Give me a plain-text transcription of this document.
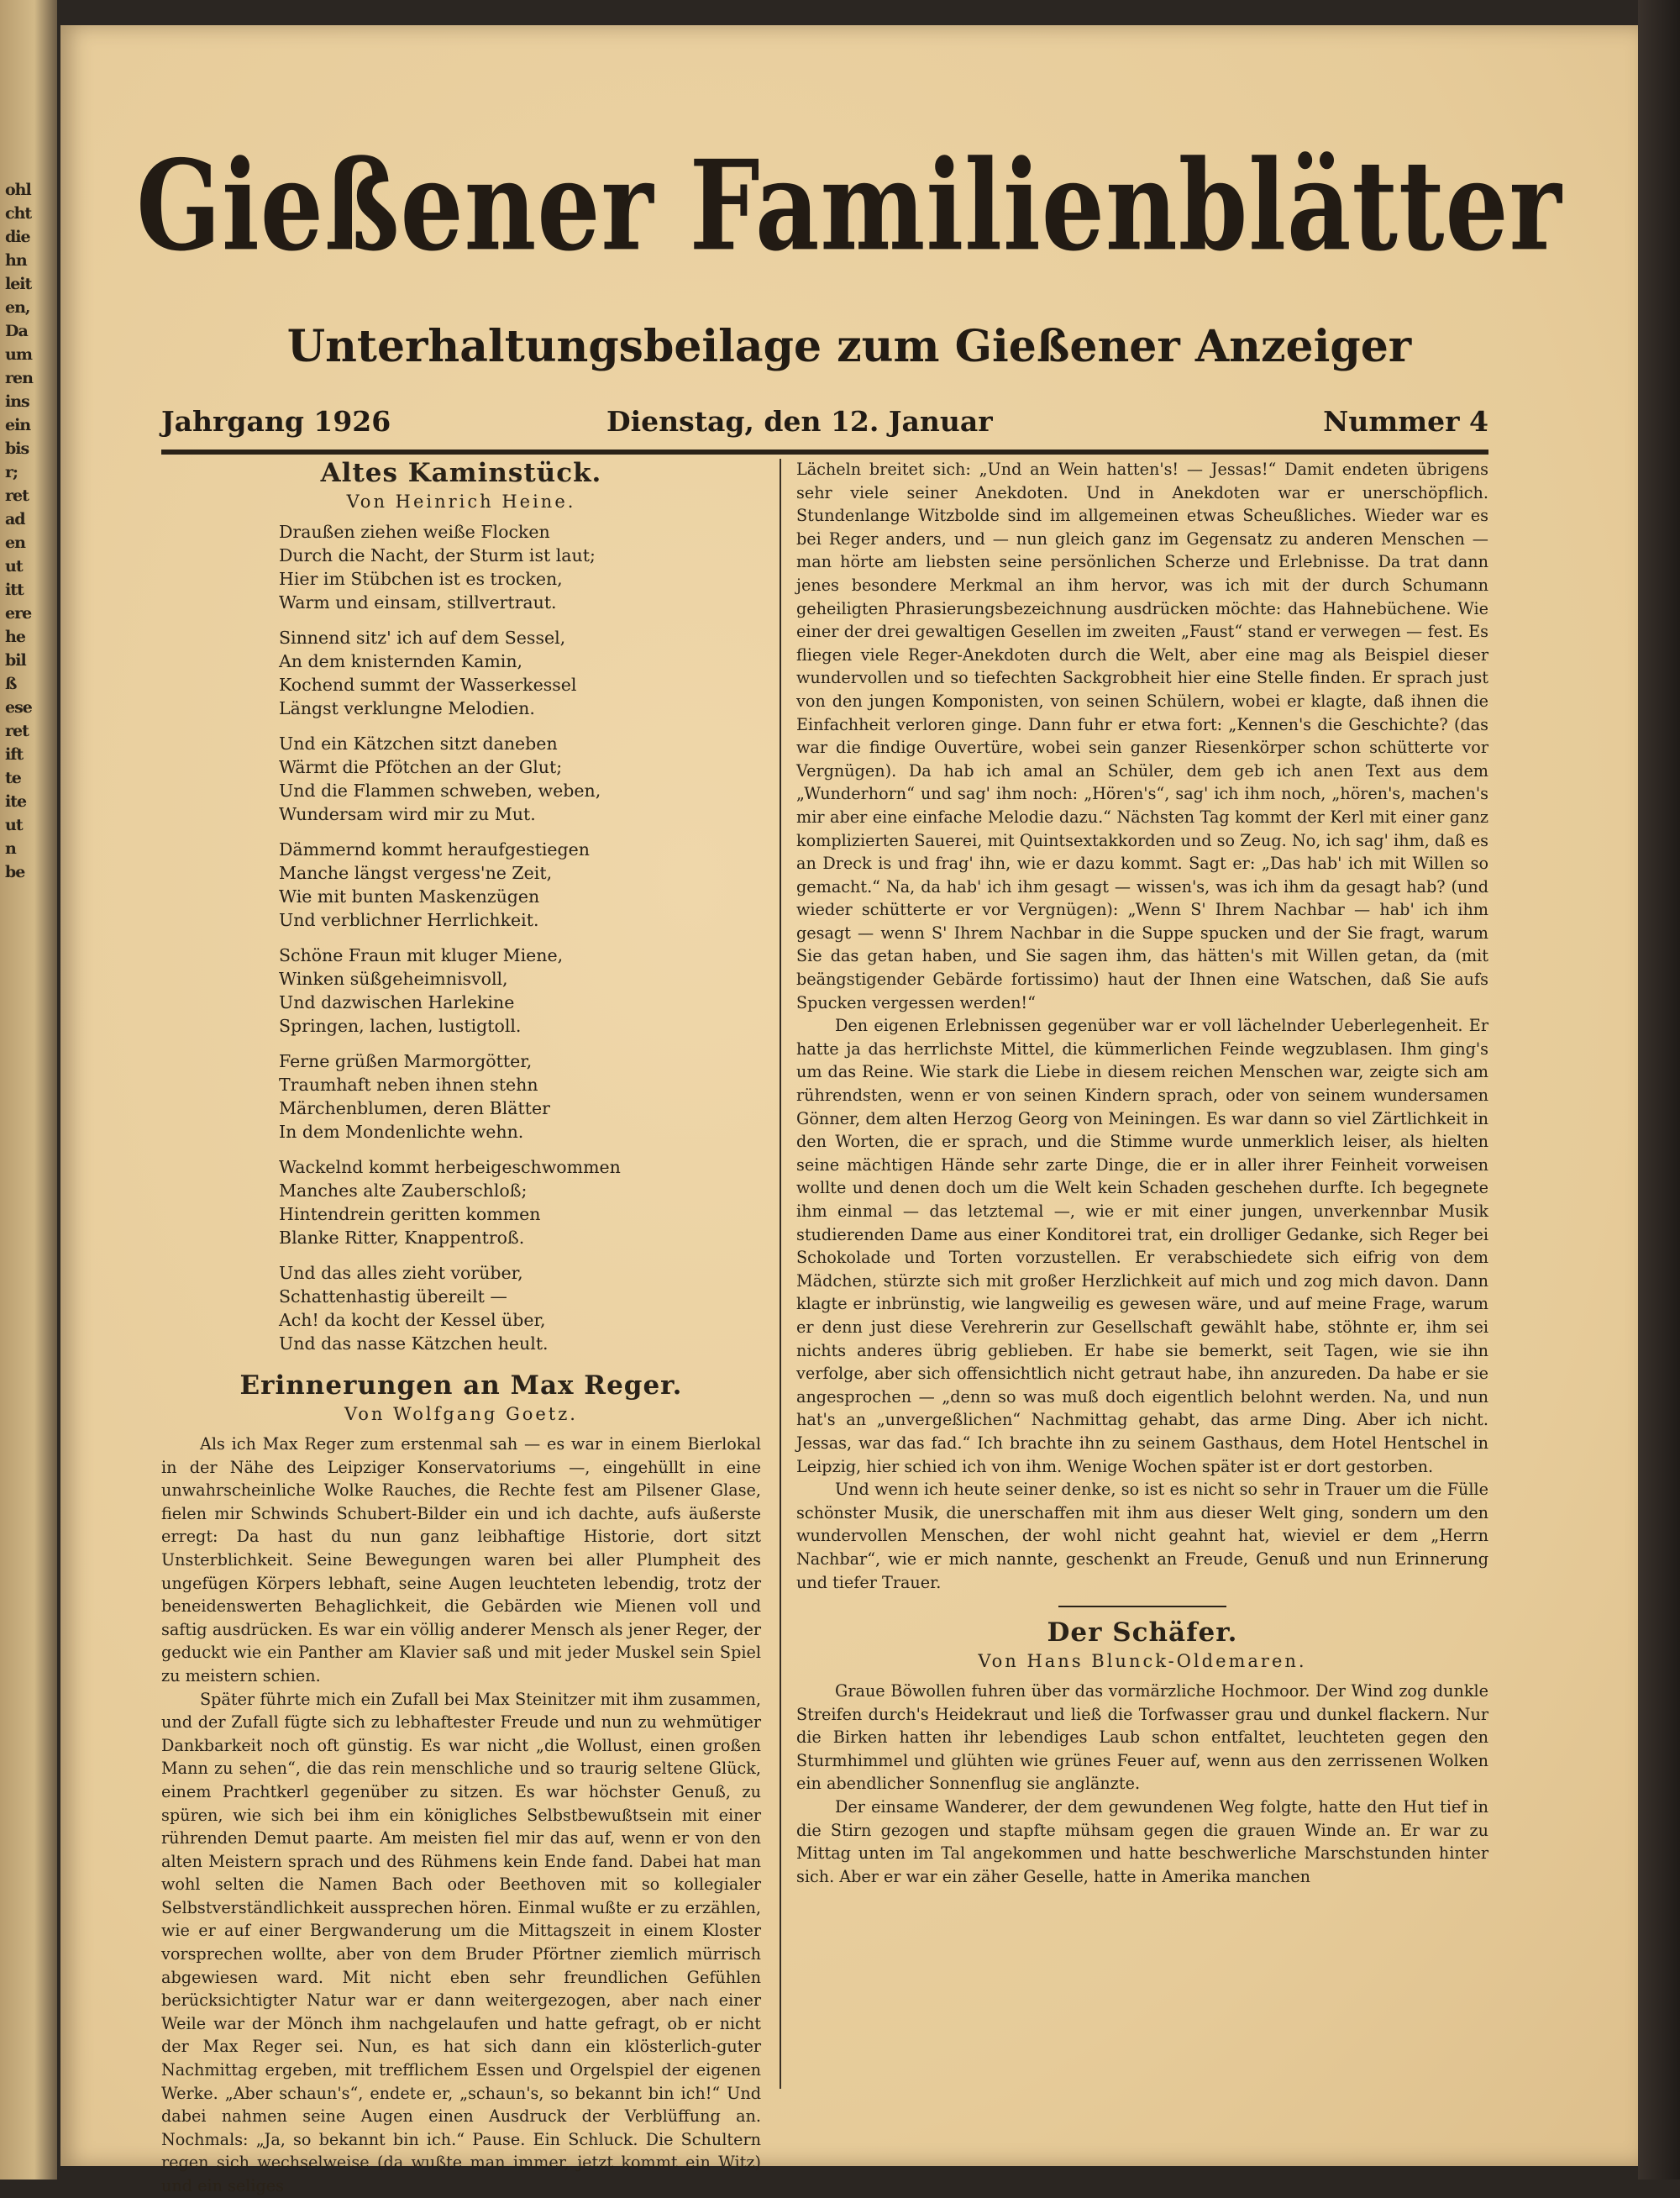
ohl
cht
die
hn
leit
en,
Da
um
ren
ins
ein
bis
r;
ret
ad
en
ut
itt
ere
he
bil
ß
ese
ret
ift
te
ite
ut
n
be
Gießener Familienblätter
Unterhaltungsbeilage zum Gießener Anzeiger
Jahrgang 1926	Dienstag, den 12. Januar	Nummer 4
Altes Kaminstück.
Von Heinrich Heine.
Draußen ziehen weiße Flocken
Durch die Nacht, der Sturm ist laut;
Hier im Stübchen ist es trocken,
Warm und einsam, stillvertraut.
Sinnend sitz' ich auf dem Sessel,
An dem knisternden Kamin,
Kochend summt der Wasserkessel
Längst verklungne Melodien.
Und ein Kätzchen sitzt daneben
Wärmt die Pfötchen an der Glut;
Und die Flammen schweben, weben,
Wundersam wird mir zu Mut.
Dämmernd kommt heraufgestiegen
Manche längst vergess'ne Zeit,
Wie mit bunten Maskenzügen
Und verblichner Herrlichkeit.
Schöne Fraun mit kluger Miene,
Winken süßgeheimnisvoll,
Und dazwischen Harlekine
Springen, lachen, lustigtoll.
Ferne grüßen Marmorgötter,
Traumhaft neben ihnen stehn
Märchenblumen, deren Blätter
In dem Mondenlichte wehn.
Wackelnd kommt herbeigeschwommen
Manches alte Zauberschloß;
Hintendrein geritten kommen
Blanke Ritter, Knappentroß.
Und das alles zieht vorüber,
Schattenhastig übereilt —
Ach! da kocht der Kessel über,
Und das nasse Kätzchen heult.
Erinnerungen an Max Reger.
Von Wolfgang Goetz.

Als ich Max Reger zum erstenmal sah — es war in einem Bierlokal in der Nähe des Leipziger Konservatoriums —, eingehüllt in eine unwahrscheinliche Wolke Rauches, die Rechte fest am Pilsener Glase, fielen mir Schwinds Schubert-Bilder ein und ich dachte, aufs äußerste erregt: Da hast du nun ganz leibhaftige Historie, dort sitzt Unsterblichkeit. Seine Bewegungen waren bei aller Plumpheit des ungefügen Körpers lebhaft, seine Augen leuchteten lebendig, trotz der beneidenswerten Behaglichkeit, die Gebärden wie Mienen voll und saftig ausdrücken. Es war ein völlig anderer Mensch als jener Reger, der geduckt wie ein Panther am Klavier saß und mit jeder Muskel sein Spiel zu meistern schien.

Später führte mich ein Zufall bei Max Steinitzer mit ihm zusammen, und der Zufall fügte sich zu lebhaftester Freude und nun zu wehmütiger Dankbarkeit noch oft günstig. Es war nicht „die Wollust, einen großen Mann zu sehen“, die das rein menschliche und so traurig seltene Glück, einem Prachtkerl gegenüber zu sitzen. Es war höchster Genuß, zu spüren, wie sich bei ihm ein königliches Selbstbewußtsein mit einer rührenden Demut paarte. Am meisten fiel mir das auf, wenn er von den alten Meistern sprach und des Rühmens kein Ende fand. Dabei hat man wohl selten die Namen Bach oder Beethoven mit so kollegialer Selbstverständlichkeit aussprechen hören. Einmal wußte er zu erzählen, wie er auf einer Bergwanderung um die Mittagszeit in einem Kloster vorsprechen wollte, aber von dem Bruder Pförtner ziemlich mürrisch abgewiesen ward. Mit nicht eben sehr freundlichen Gefühlen berücksichtigter Natur war er dann weitergezogen, aber nach einer Weile war der Mönch ihm nachgelaufen und hatte gefragt, ob er nicht der Max Reger sei. Nun, es hat sich dann ein klösterlich-guter Nachmittag ergeben, mit trefflichem Essen und Orgelspiel der eigenen Werke. „Aber schaun's“, endete er, „schaun's, so bekannt bin ich!“ Und dabei nahmen seine Augen einen Ausdruck der Verblüffung an. Nochmals: „Ja, so bekannt bin ich.“ Pause. Ein Schluck. Die Schultern regen sich wechselweise (da wußte man immer, jetzt kommt ein Witz) und ein seliges

Lächeln breitet sich: „Und an Wein hatten's! — Jessas!“ Damit endeten übrigens sehr viele seiner Anekdoten. Und in Anekdoten war er unerschöpflich. Stundenlange Witzbolde sind im allgemeinen etwas Scheußliches. Wieder war es bei Reger anders, und — nun gleich ganz im Gegensatz zu anderen Menschen — man hörte am liebsten seine persönlichen Scherze und Erlebnisse. Da trat dann jenes besondere Merkmal an ihm hervor, was ich mit der durch Schumann geheiligten Phrasierungsbezeichnung ausdrücken möchte: das Hahnebüchene. Wie einer der drei gewaltigen Gesellen im zweiten „Faust“ stand er verwegen — fest. Es fliegen viele Reger-Anekdoten durch die Welt, aber eine mag als Beispiel dieser wundervollen und so tiefechten Sackgrobheit hier eine Stelle finden. Er sprach just von den jungen Komponisten, von seinen Schülern, wobei er klagte, daß ihnen die Einfachheit verloren ginge. Dann fuhr er etwa fort: „Kennen's die Geschichte? (das war die findige Ouvertüre, wobei sein ganzer Riesenkörper schon schütterte vor Vergnügen). Da hab ich amal an Schüler, dem geb ich anen Text aus dem „Wunderhorn“ und sag' ihm noch: „Hören's“, sag' ich ihm noch, „hören's, machen's mir aber eine einfache Melodie dazu.“ Nächsten Tag kommt der Kerl mit einer ganz komplizierten Sauerei, mit Quintsextakkorden und so Zeug. No, ich sag' ihm, daß es an Dreck is und frag' ihn, wie er dazu kommt. Sagt er: „Das hab' ich mit Willen so gemacht.“ Na, da hab' ich ihm gesagt — wissen's, was ich ihm da gesagt hab? (und wieder schütterte er vor Vergnügen): „Wenn S' Ihrem Nachbar — hab' ich ihm gesagt — wenn S' Ihrem Nachbar in die Suppe spucken und der Sie fragt, warum Sie das getan haben, und Sie sagen ihm, das hätten's mit Willen getan, da (mit beängstigender Gebärde fortissimo) haut der Ihnen eine Watschen, daß Sie aufs Spucken vergessen werden!“

Den eigenen Erlebnissen gegenüber war er voll lächelnder Ueberlegenheit. Er hatte ja das herrlichste Mittel, die kümmerlichen Feinde wegzublasen. Ihm ging's um das Reine. Wie stark die Liebe in diesem reichen Menschen war, zeigte sich am rührendsten, wenn er von seinen Kindern sprach, oder von seinem wundersamen Gönner, dem alten Herzog Georg von Meiningen. Es war dann so viel Zärtlichkeit in den Worten, die er sprach, und die Stimme wurde unmerklich leiser, als hielten seine mächtigen Hände sehr zarte Dinge, die er in aller ihrer Feinheit vorweisen wollte und denen doch um die Welt kein Schaden geschehen durfte. Ich begegnete ihm einmal — das letztemal —, wie er mit einer jungen, unverkennbar Musik studierenden Dame aus einer Konditorei trat, ein drolliger Gedanke, sich Reger bei Schokolade und Torten vorzustellen. Er verabschiedete sich eifrig von dem Mädchen, stürzte sich mit großer Herzlichkeit auf mich und zog mich davon. Dann klagte er inbrünstig, wie langweilig es gewesen wäre, und auf meine Frage, warum er denn just diese Verehrerin zur Gesellschaft gewählt habe, stöhnte er, ihm sei nichts anderes übrig geblieben. Er habe sie bemerkt, seit Tagen, wie sie ihn verfolge, aber sich offensichtlich nicht getraut habe, ihn anzureden. Da habe er sie angesprochen — „denn so was muß doch eigentlich belohnt werden. Na, und nun hat's an „unvergeßlichen“ Nachmittag gehabt, das arme Ding. Aber ich nicht. Jessas, war das fad.“ Ich brachte ihn zu seinem Gasthaus, dem Hotel Hentschel in Leipzig, hier schied ich von ihm. Wenige Wochen später ist er dort gestorben.

Und wenn ich heute seiner denke, so ist es nicht so sehr in Trauer um die Fülle schönster Musik, die unerschaffen mit ihm aus dieser Welt ging, sondern um den wundervollen Menschen, der wohl nicht geahnt hat, wieviel er dem „Herrn Nachbar“, wie er mich nannte, geschenkt an Freude, Genuß und nun Erinnerung und tiefer Trauer.

Der Schäfer.
Von Hans Blunck-Oldemaren.

Graue Böwollen fuhren über das vormärzliche Hochmoor. Der Wind zog dunkle Streifen durch's Heidekraut und ließ die Torfwasser grau und dunkel flackern. Nur die Birken hatten ihr lebendiges Laub schon entfaltet, leuchteten gegen den Sturmhimmel und glühten wie grünes Feuer auf, wenn aus den zerrissenen Wolken ein abendlicher Sonnenflug sie anglänzte.

Der einsame Wanderer, der dem gewundenen Weg folgte, hatte den Hut tief in die Stirn gezogen und stapfte mühsam gegen die grauen Winde an. Er war zu Mittag unten im Tal angekommen und hatte beschwerliche Marschstunden hinter sich. Aber er war ein zäher Geselle, hatte in Amerika manchen
